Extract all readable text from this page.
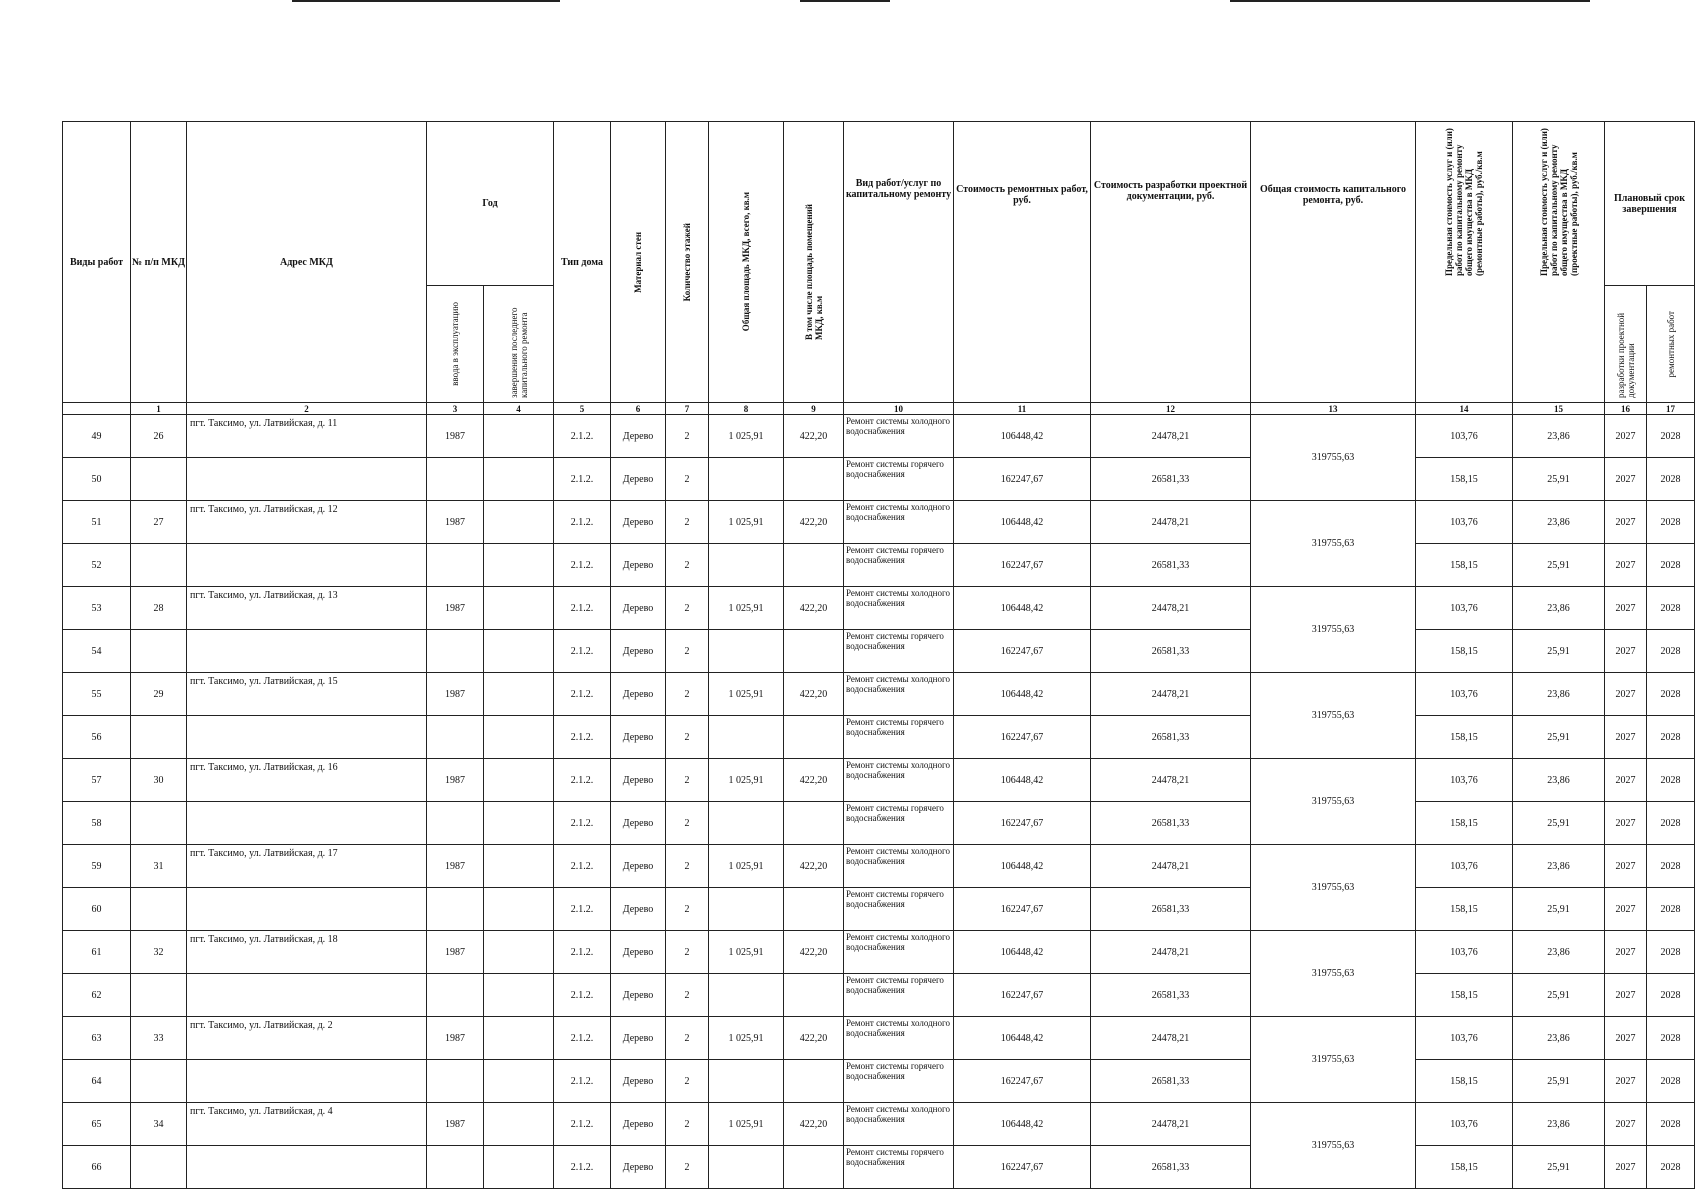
Виды работ	№ п/п МКД	Адрес МКД	Год		Тип дома	Материал стен	Количество этажей	Общая площадь МКД, всего, кв.м	В том числе площадь помещений МКД, кв.м	Вид работ/услуг по капитальному ремонту	Стоимость ремонтных работ, руб.	Стоимость разработки проектной документации, руб.	Общая стоимость капитального ремонта, руб.	Предельная стоимость услуг и (или) работ по капитальному ремонту общего имущества в МКД (ремонтные работы), руб./кв.м	Предельная стоимость услуг и (или) работ по капитальному ремонту общего имущества в МКД (проектные работы), руб./кв.м	Плановый срок завершения	

			ввода в эксплуатацию	завершения последнего капитального ремонта												разработки проектной документации	ремонтных работ

	1	2	3	4	5	6	7	8	9	10	11	12	13	14	15	16	17
49	26	пгт. Таксимо, ул. Латвийская, д. 11	1987		2.1.2.	Дерево	2	1 025,91	422,20	Ремонт системы холодного водоснабжения	106448,42	24478,21	319755,63	103,76	23,86	2027	2028
50					2.1.2.	Дерево	2			Ремонт системы горячего водоснабжения	162247,67	26581,33		158,15	25,91	2027	2028
51	27	пгт. Таксимо, ул. Латвийская, д. 12	1987		2.1.2.	Дерево	2	1 025,91	422,20	Ремонт системы холодного водоснабжения	106448,42	24478,21	319755,63	103,76	23,86	2027	2028
52					2.1.2.	Дерево	2			Ремонт системы горячего водоснабжения	162247,67	26581,33		158,15	25,91	2027	2028
53	28	пгт. Таксимо, ул. Латвийская, д. 13	1987		2.1.2.	Дерево	2	1 025,91	422,20	Ремонт системы холодного водоснабжения	106448,42	24478,21	319755,63	103,76	23,86	2027	2028
54					2.1.2.	Дерево	2			Ремонт системы горячего водоснабжения	162247,67	26581,33		158,15	25,91	2027	2028
55	29	пгт. Таксимо, ул. Латвийская, д. 15	1987		2.1.2.	Дерево	2	1 025,91	422,20	Ремонт системы холодного водоснабжения	106448,42	24478,21	319755,63	103,76	23,86	2027	2028
56					2.1.2.	Дерево	2			Ремонт системы горячего водоснабжения	162247,67	26581,33		158,15	25,91	2027	2028
57	30	пгт. Таксимо, ул. Латвийская, д. 16	1987		2.1.2.	Дерево	2	1 025,91	422,20	Ремонт системы холодного водоснабжения	106448,42	24478,21	319755,63	103,76	23,86	2027	2028
58					2.1.2.	Дерево	2			Ремонт системы горячего водоснабжения	162247,67	26581,33		158,15	25,91	2027	2028
59	31	пгт. Таксимо, ул. Латвийская, д. 17	1987		2.1.2.	Дерево	2	1 025,91	422,20	Ремонт системы холодного водоснабжения	106448,42	24478,21	319755,63	103,76	23,86	2027	2028
60					2.1.2.	Дерево	2			Ремонт системы горячего водоснабжения	162247,67	26581,33		158,15	25,91	2027	2028
61	32	пгт. Таксимо, ул. Латвийская, д. 18	1987		2.1.2.	Дерево	2	1 025,91	422,20	Ремонт системы холодного водоснабжения	106448,42	24478,21	319755,63	103,76	23,86	2027	2028
62					2.1.2.	Дерево	2			Ремонт системы горячего водоснабжения	162247,67	26581,33		158,15	25,91	2027	2028
63	33	пгт. Таксимо, ул. Латвийская, д. 2	1987		2.1.2.	Дерево	2	1 025,91	422,20	Ремонт системы холодного водоснабжения	106448,42	24478,21	319755,63	103,76	23,86	2027	2028
64					2.1.2.	Дерево	2			Ремонт системы горячего водоснабжения	162247,67	26581,33		158,15	25,91	2027	2028
65	34	пгт. Таксимо, ул. Латвийская, д. 4	1987		2.1.2.	Дерево	2	1 025,91	422,20	Ремонт системы холодного водоснабжения	106448,42	24478,21	319755,63	103,76	23,86	2027	2028
66					2.1.2.	Дерево	2			Ремонт системы горячего водоснабжения	162247,67	26581,33		158,15	25,91	2027	2028
